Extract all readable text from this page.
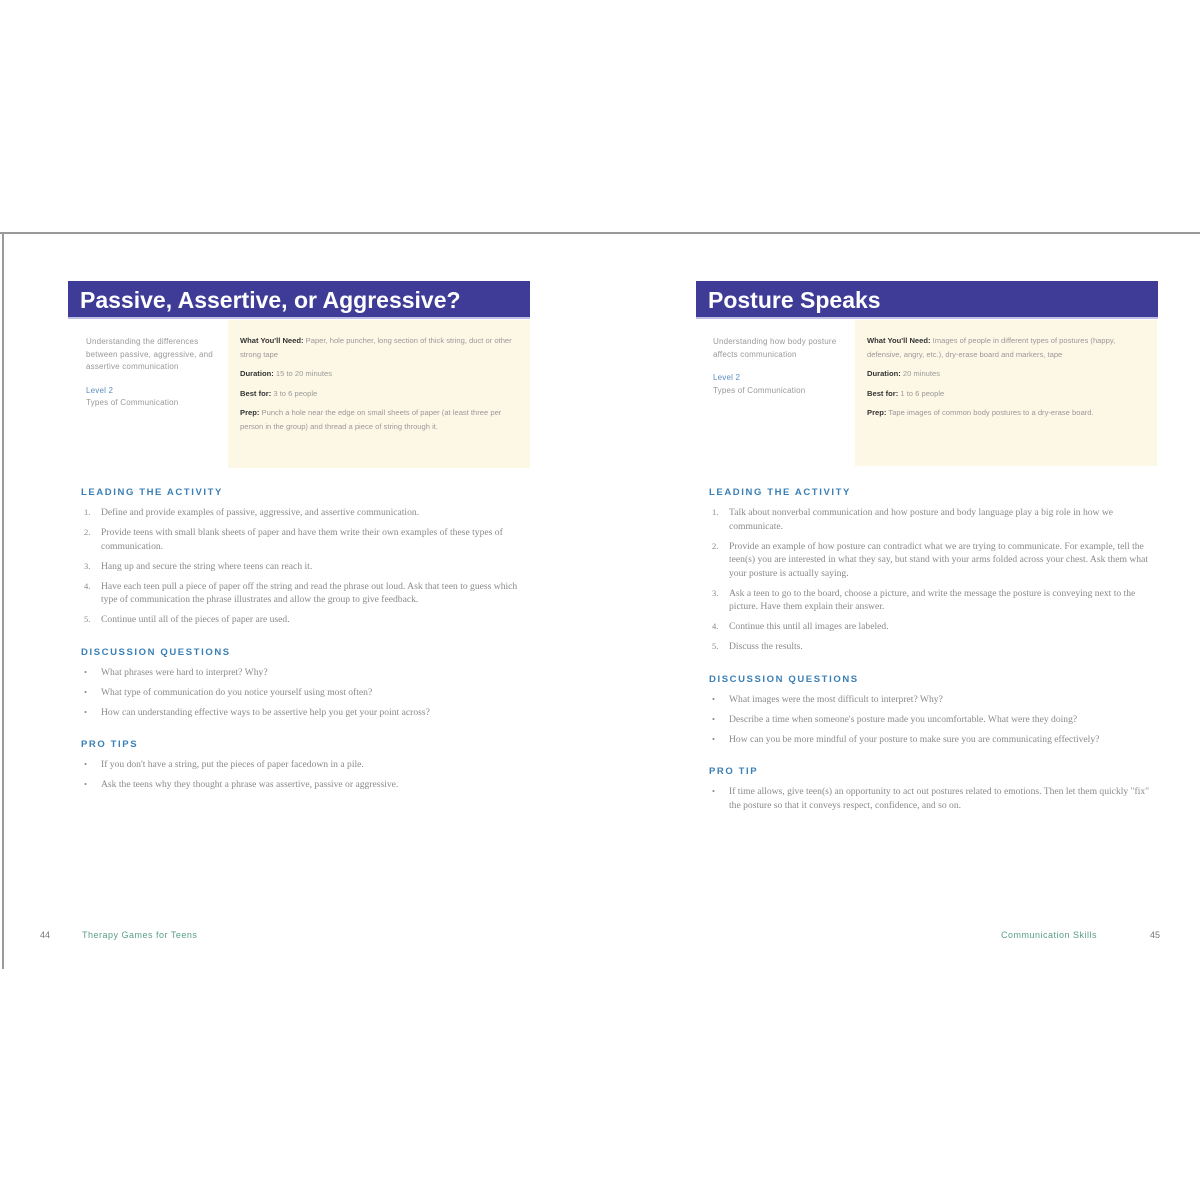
Passive, Assertive, or Aggressive?
Understanding the differences between passive, aggressive, and assertive communication
Level 2
Types of Communication

What You'll Need: Paper, hole puncher, long section of thick string, duct or other strong tape

Duration: 15 to 20 minutes

Best for: 3 to 6 people

Prep: Punch a hole near the edge on small sheets of paper (at least three per person in the group) and thread a piece of string through it.

LEADING THE ACTIVITY
1. Define and provide examples of passive, aggressive, and assertive communication.
2. Provide teens with small blank sheets of paper and have them write their own examples of these types of communication.
3. Hang up and secure the string where teens can reach it.
4. Have each teen pull a piece of paper off the string and read the phrase out loud. Ask that teen to guess which type of communication the phrase illustrates and allow the group to give feedback.
5. Continue until all of the pieces of paper are used.
DISCUSSION QUESTIONS
• What phrases were hard to interpret? Why?
• What type of communication do you notice yourself using most often?
• How can understanding effective ways to be assertive help you get your point across?
PRO TIPS
• If you don't have a string, put the pieces of paper facedown in a pile.
• Ask the teens why they thought a phrase was assertive, passive or aggressive.
44	Therapy Games for Teens
Posture Speaks
Understanding how body posture affects communication
Level 2
Types of Communication

What You'll Need: Images of people in different types of postures (happy, defensive, angry, etc.), dry-erase board and markers, tape

Duration: 20 minutes

Best for: 1 to 6 people

Prep: Tape images of common body postures to a dry-erase board.

LEADING THE ACTIVITY
1. Talk about nonverbal communication and how posture and body language play a big role in how we communicate.
2. Provide an example of how posture can contradict what we are trying to communicate. For example, tell the teen(s) you are interested in what they say, but stand with your arms folded across your chest. Ask them what your posture is actually saying.
3. Ask a teen to go to the board, choose a picture, and write the message the posture is conveying next to the picture. Have them explain their answer.
4. Continue this until all images are labeled.
5. Discuss the results.
DISCUSSION QUESTIONS
• What images were the most difficult to interpret? Why?
• Describe a time when someone's posture made you uncomfortable. What were they doing?
• How can you be more mindful of your posture to make sure you are communicating effectively?
PRO TIP
• If time allows, give teen(s) an opportunity to act out postures related to emotions. Then let them quickly "fix" the posture so that it conveys respect, confidence, and so on.
Communication Skills	45
